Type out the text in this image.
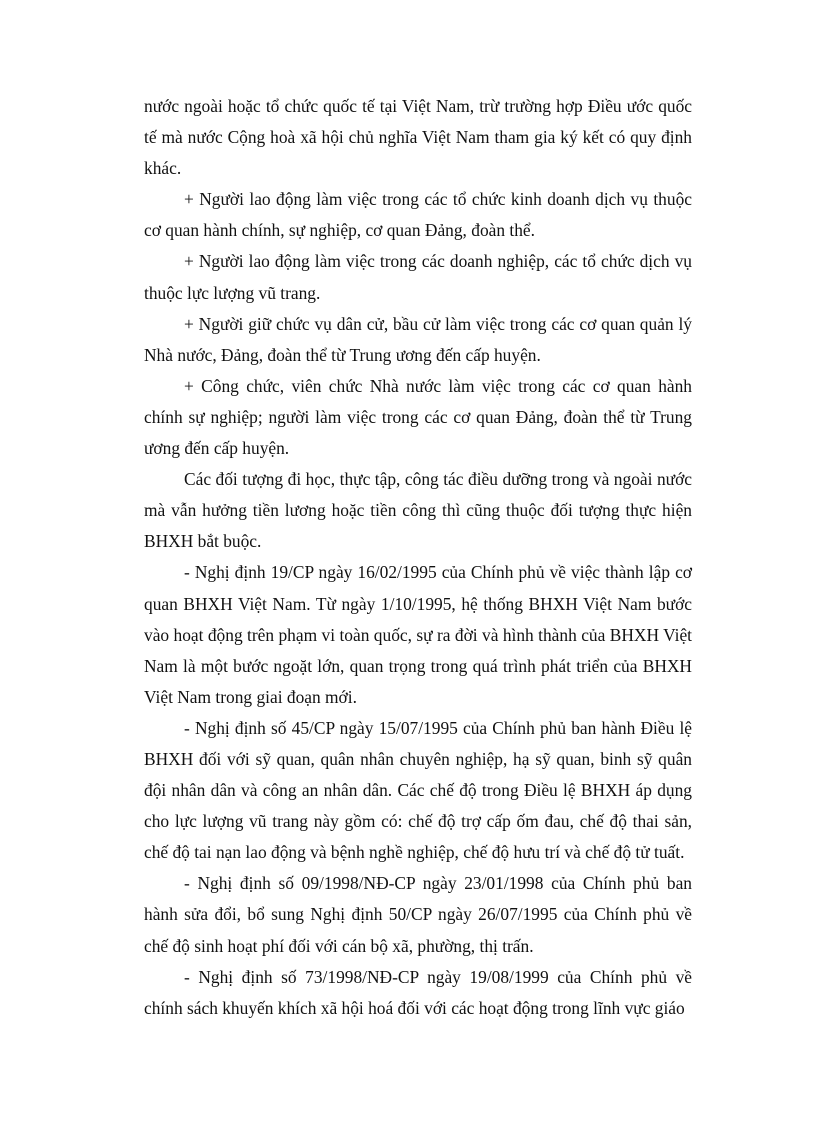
nước ngoài hoặc tổ chức quốc tế tại Việt Nam, trừ trường hợp Điều ước quốc tế mà nước Cộng hoà xã hội chủ nghĩa Việt Nam tham gia ký kết có quy định khác.

+ Người lao động làm việc trong các tổ chức kinh doanh dịch vụ thuộc cơ quan hành chính, sự nghiệp, cơ quan Đảng, đoàn thể.

+ Người lao động làm việc trong các doanh nghiệp, các tổ chức dịch vụ thuộc lực lượng vũ trang.

+ Người giữ chức vụ dân cử, bầu cử làm việc trong các cơ quan quản lý Nhà nước, Đảng, đoàn thể từ Trung ương đến cấp huyện.

+ Công chức, viên chức Nhà nước làm việc trong các cơ quan hành chính sự nghiệp; người làm việc trong các cơ quan Đảng, đoàn thể từ Trung ương đến cấp huyện.

Các đối tượng đi học, thực tập, công tác điều dưỡng trong và ngoài nước mà vẫn hưởng tiền lương hoặc tiền công thì cũng thuộc đối tượng thực hiện BHXH bắt buộc.

- Nghị định 19/CP ngày 16/02/1995 của Chính phủ về việc thành lập cơ quan BHXH Việt Nam. Từ ngày 1/10/1995, hệ thống BHXH Việt Nam bước vào hoạt động trên phạm vi toàn quốc, sự ra đời và hình thành của BHXH Việt Nam là một bước ngoặt lớn, quan trọng trong quá trình phát triển của BHXH Việt Nam trong giai đoạn mới.

- Nghị định số 45/CP ngày 15/07/1995 của Chính phủ ban hành Điều lệ BHXH đối với sỹ quan, quân nhân chuyên nghiệp, hạ sỹ quan, binh sỹ quân đội nhân dân và công an nhân dân. Các chế độ trong Điều lệ BHXH áp dụng cho lực lượng vũ trang này gồm có: chế độ trợ cấp ốm đau, chế độ thai sản, chế độ tai nạn lao động và bệnh nghề nghiệp, chế độ hưu trí và chế độ tử tuất.

- Nghị định số 09/1998/NĐ-CP ngày 23/01/1998 của Chính phủ ban hành sửa đổi, bổ sung Nghị định 50/CP ngày 26/07/1995 của Chính phủ về chế độ sinh hoạt phí đối với cán bộ xã, phường, thị trấn.

- Nghị định số 73/1998/NĐ-CP ngày 19/08/1999 của Chính phủ về chính sách khuyến khích xã hội hoá đối với các hoạt động trong lĩnh vực giáo
